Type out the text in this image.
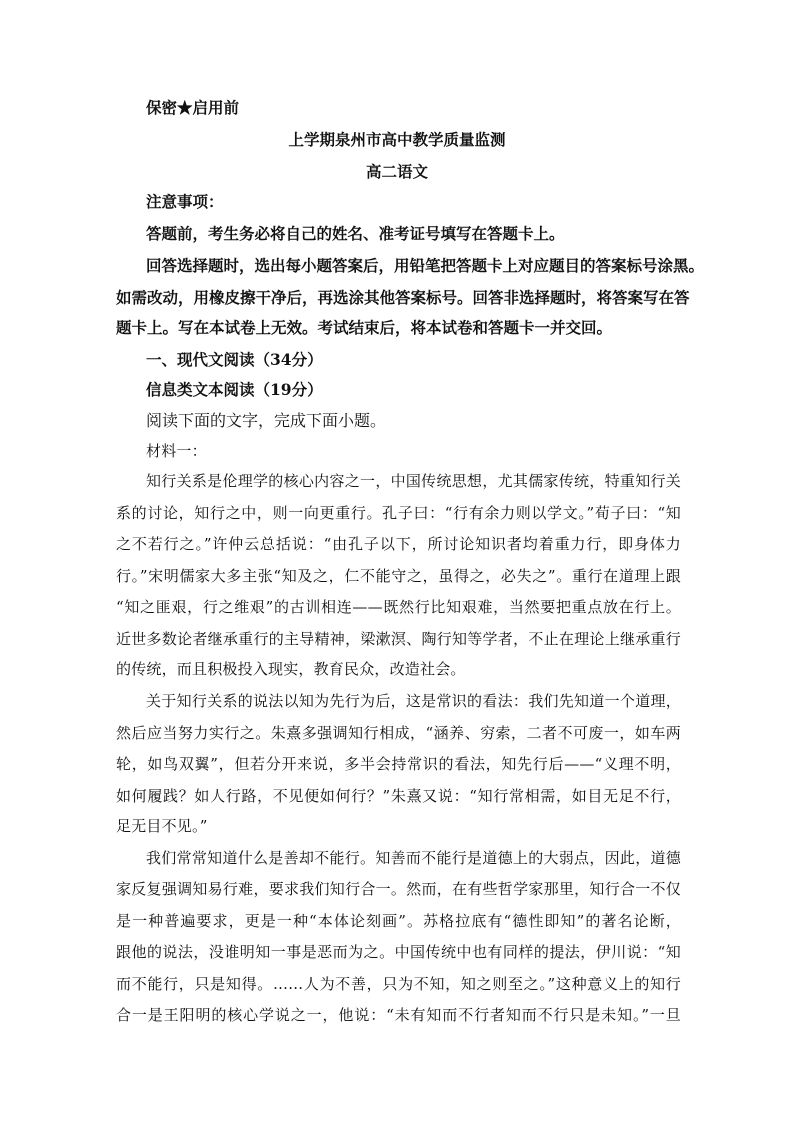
保密★启用前
上学期泉州市高中教学质量监测
高二语文
注意事项：
答题前，考生务必将自己的姓名、准考证号填写在答题卡上。
回答选择题时，选出每小题答案后，用铅笔把答题卡上对应题目的答案标号涂黑。
如需改动，用橡皮擦干净后，再选涂其他答案标号。回答非选择题时，将答案写在答
题卡上。写在本试卷上无效。考试结束后，将本试卷和答题卡一并交回。
一、现代文阅读（34分）
信息类文本阅读（19分）
阅读下面的文字，完成下面小题。
材料一：
知行关系是伦理学的核心内容之一，中国传统思想，尤其儒家传统，特重知行关
系的讨论，知行之中，则一向更重行。孔子曰：“行有余力则以学文。”荀子曰：“知
之不若行之。”许仲云总括说：“由孔子以下，所讨论知识者均着重力行，即身体力
行。”宋明儒家大多主张“知及之，仁不能守之，虽得之，必失之”。重行在道理上跟
“知之匪艰，行之维艰”的古训相连——既然行比知艰难，当然要把重点放在行上。
近世多数论者继承重行的主导精神，梁漱溟、陶行知等学者，不止在理论上继承重行
的传统，而且积极投入现实，教育民众，改造社会。
关于知行关系的说法以知为先行为后，这是常识的看法：我们先知道一个道理，
然后应当努力实行之。朱熹多强调知行相成，“涵养、穷索，二者不可废一，如车两
轮，如鸟双翼”，但若分开来说，多半会持常识的看法，知先行后——“义理不明，
如何履践？如人行路，不见便如何行？”朱熹又说：“知行常相需，如目无足不行，
足无目不见。”
我们常常知道什么是善却不能行。知善而不能行是道德上的大弱点，因此，道德
家反复强调知易行难，要求我们知行合一。然而，在有些哲学家那里，知行合一不仅
是一种普遍要求，更是一种“本体论刻画”。苏格拉底有“德性即知”的著名论断，
跟他的说法，没谁明知一事是恶而为之。中国传统中也有同样的提法，伊川说：“知
而不能行，只是知得。……人为不善，只为不知，知之则至之。”这种意义上的知行
合一是王阳明的核心学说之一，他说：“未有知而不行者知而不行只是未知。”一旦
